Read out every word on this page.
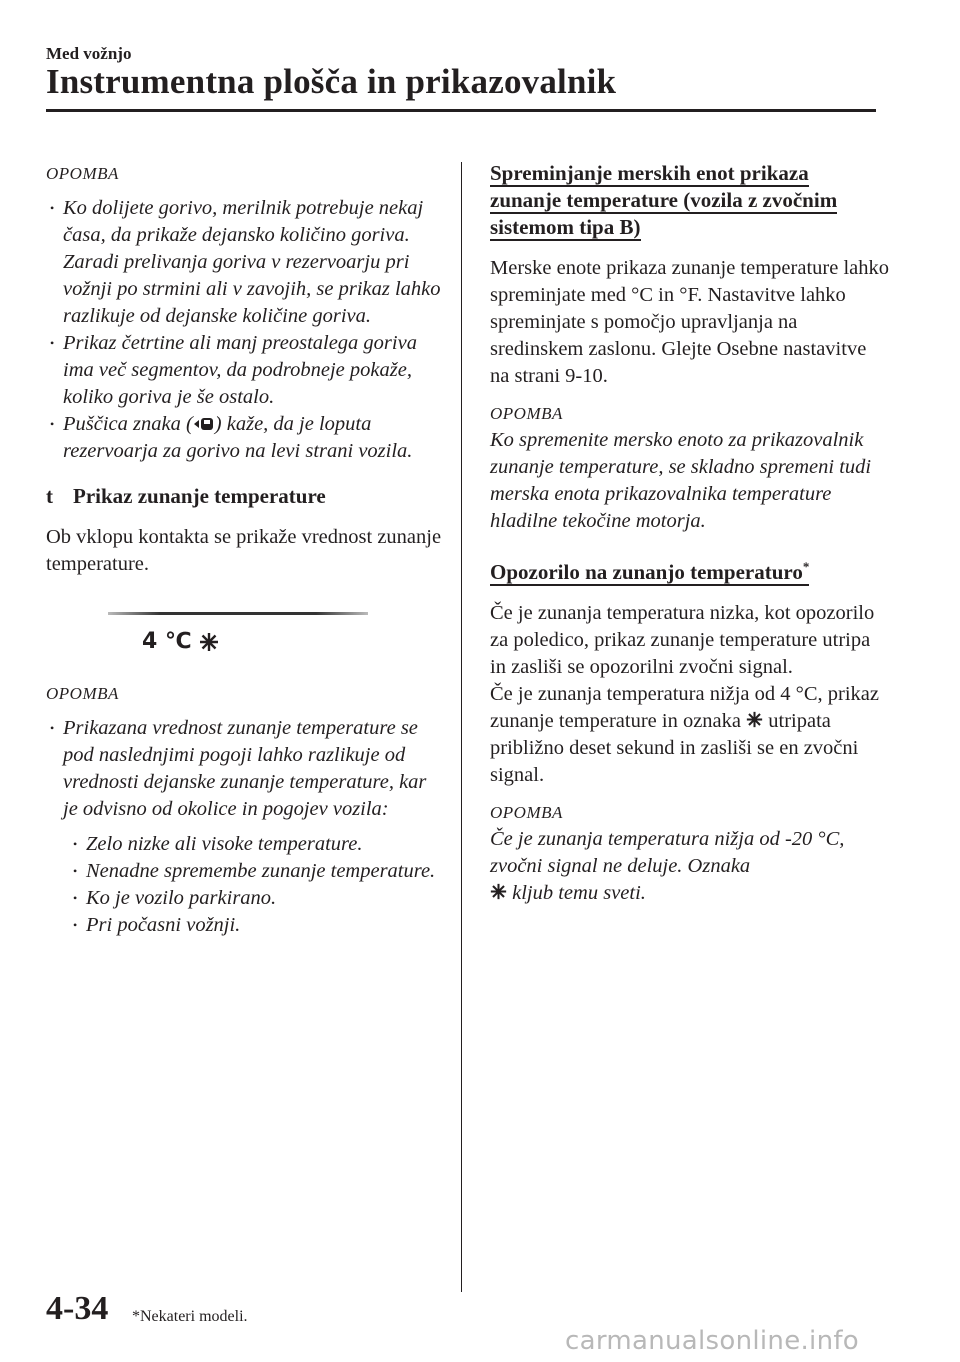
Med vožnjo
Instrumentna plošča in prikazovalnik
OPOMBA
• Ko dolijete gorivo, merilnik potrebuje nekaj časa, da prikaže dejansko količino goriva. Zaradi prelivanja goriva v rezervoarju pri vožnji po strmini ali v zavojih, se prikaz lahko razlikuje od dejanske količine goriva.
• Prikaz četrtine ali manj preostalega goriva ima več segmentov, da podrobneje pokaže, koliko goriva je še ostalo.
• Puščica znaka ( ) kaže, da je loputa rezervoarja za gorivo na levi strani vozila.
t Prikaz zunanje temperature
Ob vklopu kontakta se prikaže vrednost zunanje temperature.
4 ℃
OPOMBA
• Prikazana vrednost zunanje temperature se pod naslednjimi pogoji lahko razlikuje od vrednosti dejanske zunanje temperature, kar je odvisno od okolice in pogojev vozila:
• Zelo nizke ali visoke temperature.
• Nenadne spremembe zunanje temperature.
• Ko je vozilo parkirano.
• Pri počasni vožnji.
Spreminjanje merskih enot prikaza
zunanje temperature (vozila z zvočnim
sistemom tipa B)
Merske enote prikaza zunanje temperature lahko spreminjate med °C in °F. Nastavitve lahko spreminjate s pomočjo upravljanja na sredinskem zaslonu. Glejte Osebne nastavitve na strani 9-10.
OPOMBA
Ko spremenite mersko enoto za prikazovalnik zunanje temperature, se skladno spremeni tudi merska enota prikazovalnika temperature hladilne tekočine motorja.
Opozorilo na zunanjo temperaturo*
Če je zunanja temperatura nizka, kot opozorilo za poledico, prikaz zunanje temperature utripa in zasliši se opozorilni zvočni signal.
Če je zunanja temperatura nižja od 4 °C, prikaz zunanje temperature in oznaka utripata približno deset sekund in zasliši se en zvočni signal.
OPOMBA
Če je zunanja temperatura nižja od -20 °C, zvočni signal ne deluje. Oznaka
kljub temu sveti.
4-34 *Nekateri modeli.
carmanualsonline.info
